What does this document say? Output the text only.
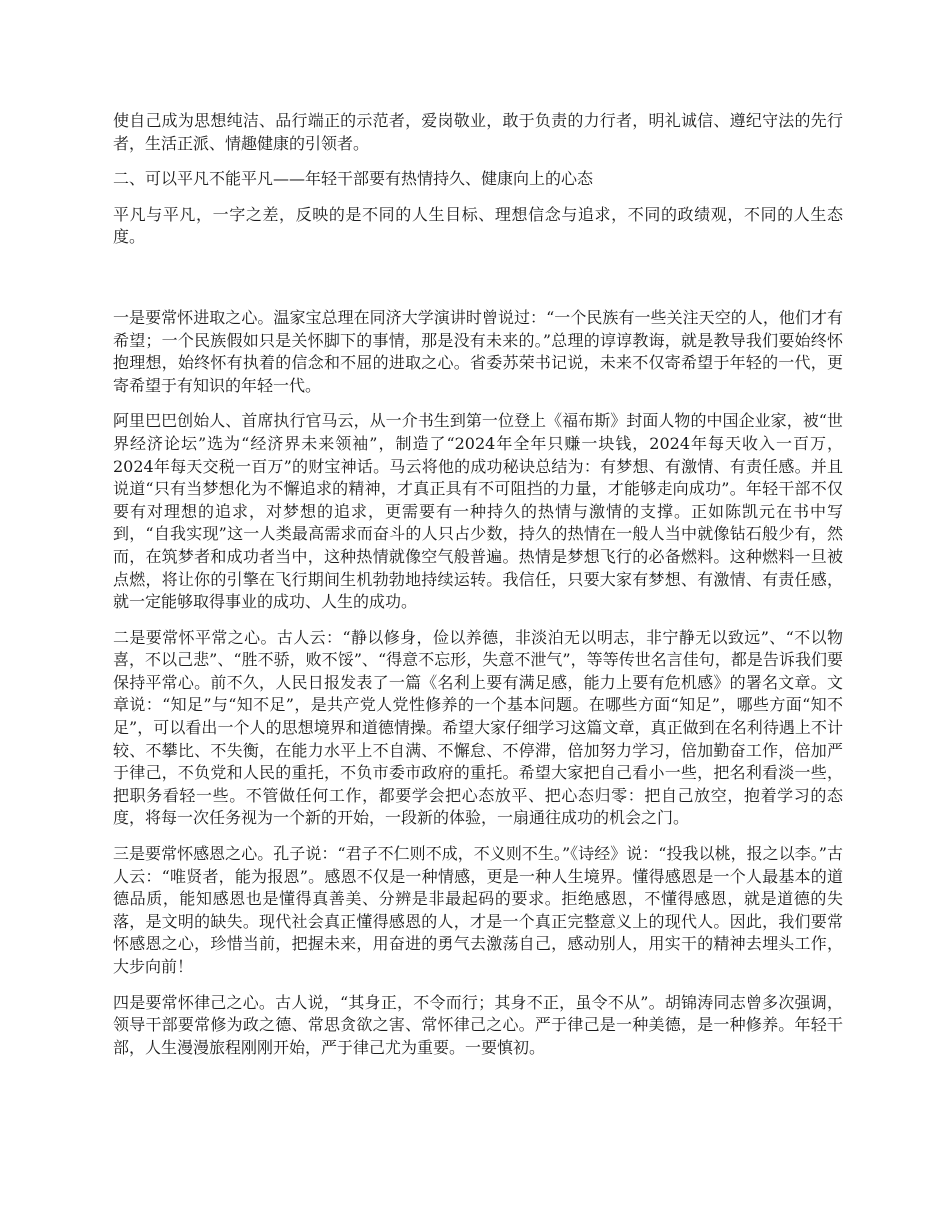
使自己成为思想纯洁、品行端正的示范者，爱岗敬业，敢于负责的力行者，明礼诚信、遵纪守法的先行者，生活正派、情趣健康的引领者。

二、可以平凡不能平凡——年轻干部要有热情持久、健康向上的心态

平凡与平凡，一字之差，反映的是不同的人生目标、理想信念与追求，不同的政绩观，不同的人生态度。

一是要常怀进取之心。温家宝总理在同济大学演讲时曾说过：“一个民族有一些关注天空的人，他们才有希望；一个民族假如只是关怀脚下的事情，那是没有未来的。”总理的谆谆教诲，就是教导我们要始终怀抱理想，始终怀有执着的信念和不屈的进取之心。省委苏荣书记说，未来不仅寄希望于年轻的一代，更寄希望于有知识的年轻一代。

阿里巴巴创始人、首席执行官马云，从一介书生到第一位登上《福布斯》封面人物的中国企业家，被“世界经济论坛”选为“经济界未来领袖”，制造了“2024年全年只赚一块钱，2024年每天收入一百万，2024年每天交税一百万”的财宝神话。马云将他的成功秘诀总结为：有梦想、有激情、有责任感。并且说道“只有当梦想化为不懈追求的精神，才真正具有不可阻挡的力量，才能够走向成功”。年轻干部不仅要有对理想的追求，对梦想的追求，更需要有一种持久的热情与激情的支撑。正如陈凯元在书中写到，“自我实现”这一人类最高需求而奋斗的人只占少数，持久的热情在一般人当中就像钻石般少有，然而，在筑梦者和成功者当中，这种热情就像空气般普遍。热情是梦想飞行的必备燃料。这种燃料一旦被点燃，将让你的引擎在飞行期间生机勃勃地持续运转。我信任，只要大家有梦想、有激情、有责任感，就一定能够取得事业的成功、人生的成功。

二是要常怀平常之心。古人云：“静以修身，俭以养德，非淡泊无以明志，非宁静无以致远”、“不以物喜，不以己悲”、“胜不骄，败不馁”、“得意不忘形，失意不泄气”，等等传世名言佳句，都是告诉我们要保持平常心。前不久，人民日报发表了一篇《名利上要有满足感，能力上要有危机感》的署名文章。文章说：“知足”与“知不足”，是共产党人党性修养的一个基本问题。在哪些方面“知足”，哪些方面“知不足”，可以看出一个人的思想境界和道德情操。希望大家仔细学习这篇文章，真正做到在名利待遇上不计较、不攀比、不失衡，在能力水平上不自满、不懈怠、不停滞，倍加努力学习，倍加勤奋工作，倍加严于律己，不负党和人民的重托，不负市委市政府的重托。希望大家把自己看小一些，把名利看淡一些，把职务看轻一些。不管做任何工作，都要学会把心态放平、把心态归零：把自己放空，抱着学习的态度，将每一次任务视为一个新的开始，一段新的体验，一扇通往成功的机会之门。

三是要常怀感恩之心。孔子说：“君子不仁则不成，不义则不生。”《诗经》说：“投我以桃，报之以李。”古人云：“唯贤者，能为报恩”。感恩不仅是一种情感，更是一种人生境界。懂得感恩是一个人最基本的道德品质，能知感恩也是懂得真善美、分辨是非最起码的要求。拒绝感恩，不懂得感恩，就是道德的失落，是文明的缺失。现代社会真正懂得感恩的人，才是一个真正完整意义上的现代人。因此，我们要常怀感恩之心，珍惜当前，把握未来，用奋进的勇气去激荡自己，感动别人，用实干的精神去埋头工作，大步向前！

四是要常怀律己之心。古人说，“其身正，不令而行；其身不正，虽令不从”。胡锦涛同志曾多次强调，领导干部要常修为政之德、常思贪欲之害、常怀律己之心。严于律己是一种美德，是一种修养。年轻干部，人生漫漫旅程刚刚开始，严于律己尤为重要。一要慎初。
